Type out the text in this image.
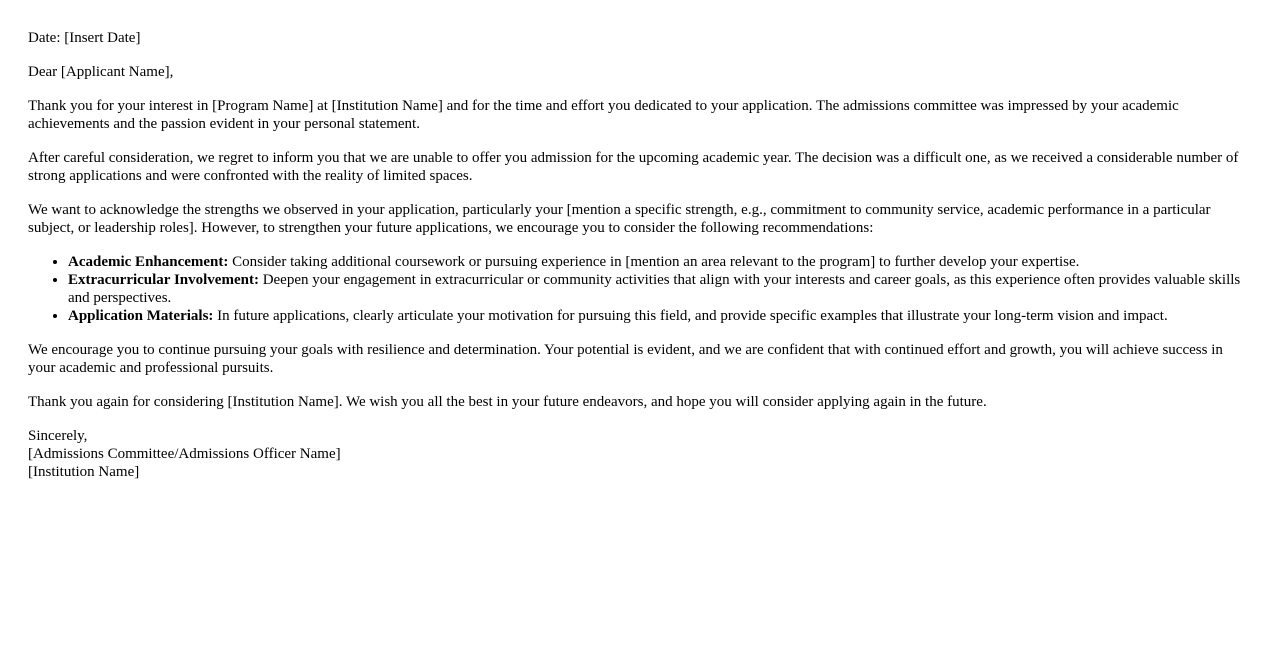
Date: [Insert Date]

Dear [Applicant Name],

Thank you for your interest in [Program Name] at [Institution Name] and for the time and effort you dedicated to your application. The admissions committee was impressed by your academic achievements and the passion evident in your personal statement.

After careful consideration, we regret to inform you that we are unable to offer you admission for the upcoming academic year. The decision was a difficult one, as we received a considerable number of strong applications and were confronted with the reality of limited spaces.

We want to acknowledge the strengths we observed in your application, particularly your [mention a specific strength, e.g., commitment to community service, academic performance in a particular subject, or leadership roles]. However, to strengthen your future applications, we encourage you to consider the following recommendations:

• Academic Enhancement: Consider taking additional coursework or pursuing experience in [mention an area relevant to the program] to further develop your expertise.
• Extracurricular Involvement: Deepen your engagement in extracurricular or community activities that align with your interests and career goals, as this experience often provides valuable skills and perspectives.
• Application Materials: In future applications, clearly articulate your motivation for pursuing this field, and provide specific examples that illustrate your long-term vision and impact.

We encourage you to continue pursuing your goals with resilience and determination. Your potential is evident, and we are confident that with continued effort and growth, you will achieve success in your academic and professional pursuits.

Thank you again for considering [Institution Name]. We wish you all the best in your future endeavors, and hope you will consider applying again in the future.

Sincerely,
[Admissions Committee/Admissions Officer Name]
[Institution Name]
